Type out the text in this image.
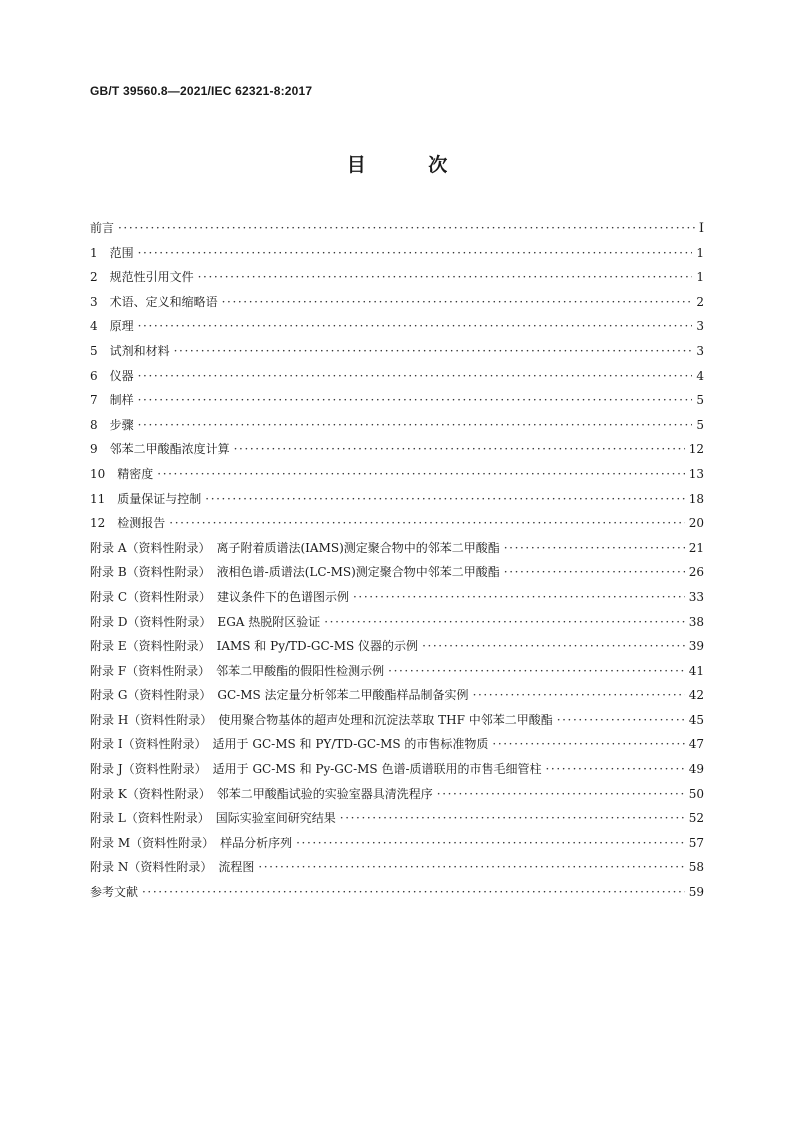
GB/T 39560.8—2021/IEC 62321-8:2017
目 次
前言 ·····	Ⅰ
1　范围 ·····	1
2　规范性引用文件 ·····	1
3　术语、定义和缩略语 ·····	2
4　原理 ·····	3
5　试剂和材料 ·····	3
6　仪器 ·····	4
7　制样 ·····	5
8　步骤 ·····	5
9　邻苯二甲酸酯浓度计算 ·····	12
10　精密度 ·····	13
11　质量保证与控制 ·····	18
12　检测报告 ·····	20
附录 A（资料性附录）　离子附着质谱法(IAMS)测定聚合物中的邻苯二甲酸酯 ·····	21
附录 B（资料性附录）　液相色谱-质谱法(LC-MS)测定聚合物中邻苯二甲酸酯 ·····	26
附录 C（资料性附录）　建议条件下的色谱图示例 ·····	33
附录 D（资料性附录）　EGA 热脱附区验证 ·····	38
附录 E（资料性附录）　IAMS 和 Py/TD-GC-MS 仪器的示例 ·····	39
附录 F（资料性附录）　邻苯二甲酸酯的假阳性检测示例 ·····	41
附录 G（资料性附录）　GC-MS 法定量分析邻苯二甲酸酯样品制备实例 ·····	42
附录 H（资料性附录）　使用聚合物基体的超声处理和沉淀法萃取 THF 中邻苯二甲酸酯 ·····	45
附录 I（资料性附录）　适用于 GC-MS 和 PY/TD-GC-MS 的市售标准物质 ·····	47
附录 J（资料性附录）　适用于 GC-MS 和 Py-GC-MS 色谱-质谱联用的市售毛细管柱 ·····	49
附录 K（资料性附录）　邻苯二甲酸酯试验的实验室器具清洗程序 ·····	50
附录 L（资料性附录）　国际实验室间研究结果 ·····	52
附录 M（资料性附录）　样品分析序列 ·····	57
附录 N（资料性附录）　流程图 ·····	58
参考文献 ·····	59
